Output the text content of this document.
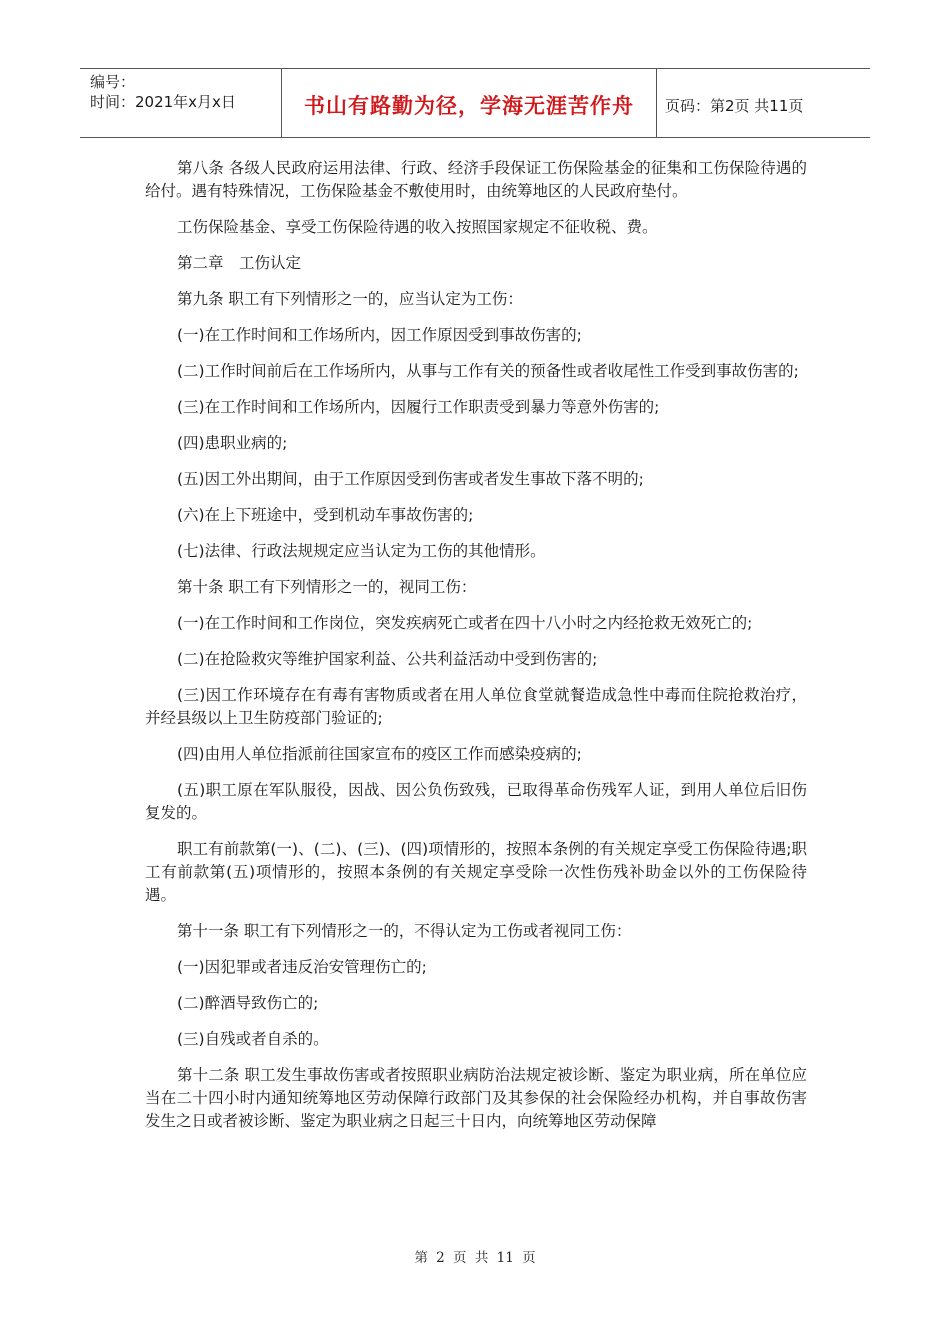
编号：
时间：2021年x月x日	书山有路勤为径，学海无涯苦作舟	页码：第2页 共11页

第八条 各级人民政府运用法律、行政、经济手段保证工伤保险基金的征集和工伤保险待遇的给付。遇有特殊情况，工伤保险基金不敷使用时，由统筹地区的人民政府垫付。

工伤保险基金、享受工伤保险待遇的收入按照国家规定不征收税、费。

第二章　工伤认定

第九条 职工有下列情形之一的，应当认定为工伤：

(一)在工作时间和工作场所内，因工作原因受到事故伤害的;

(二)工作时间前后在工作场所内，从事与工作有关的预备性或者收尾性工作受到事故伤害的;

(三)在工作时间和工作场所内，因履行工作职责受到暴力等意外伤害的;

(四)患职业病的;

(五)因工外出期间，由于工作原因受到伤害或者发生事故下落不明的;

(六)在上下班途中，受到机动车事故伤害的;

(七)法律、行政法规规定应当认定为工伤的其他情形。

第十条 职工有下列情形之一的，视同工伤：

(一)在工作时间和工作岗位，突发疾病死亡或者在四十八小时之内经抢救无效死亡的;

(二)在抢险救灾等维护国家利益、公共利益活动中受到伤害的;

(三)因工作环境存在有毒有害物质或者在用人单位食堂就餐造成急性中毒而住院抢救治疗，并经县级以上卫生防疫部门验证的;

(四)由用人单位指派前往国家宣布的疫区工作而感染疫病的;

(五)职工原在军队服役，因战、因公负伤致残，已取得革命伤残军人证，到用人单位后旧伤复发的。

职工有前款第(一)、(二)、(三)、(四)项情形的，按照本条例的有关规定享受工伤保险待遇;职工有前款第(五)项情形的，按照本条例的有关规定享受除一次性伤残补助金以外的工伤保险待遇。

第十一条 职工有下列情形之一的，不得认定为工伤或者视同工伤：

(一)因犯罪或者违反治安管理伤亡的;

(二)醉酒导致伤亡的;

(三)自残或者自杀的。

第十二条 职工发生事故伤害或者按照职业病防治法规定被诊断、鉴定为职业病，所在单位应当在二十四小时内通知统筹地区劳动保障行政部门及其参保的社会保险经办机构，并自事故伤害发生之日或者被诊断、鉴定为职业病之日起三十日内，向统筹地区劳动保障

第 2 页 共 11 页
